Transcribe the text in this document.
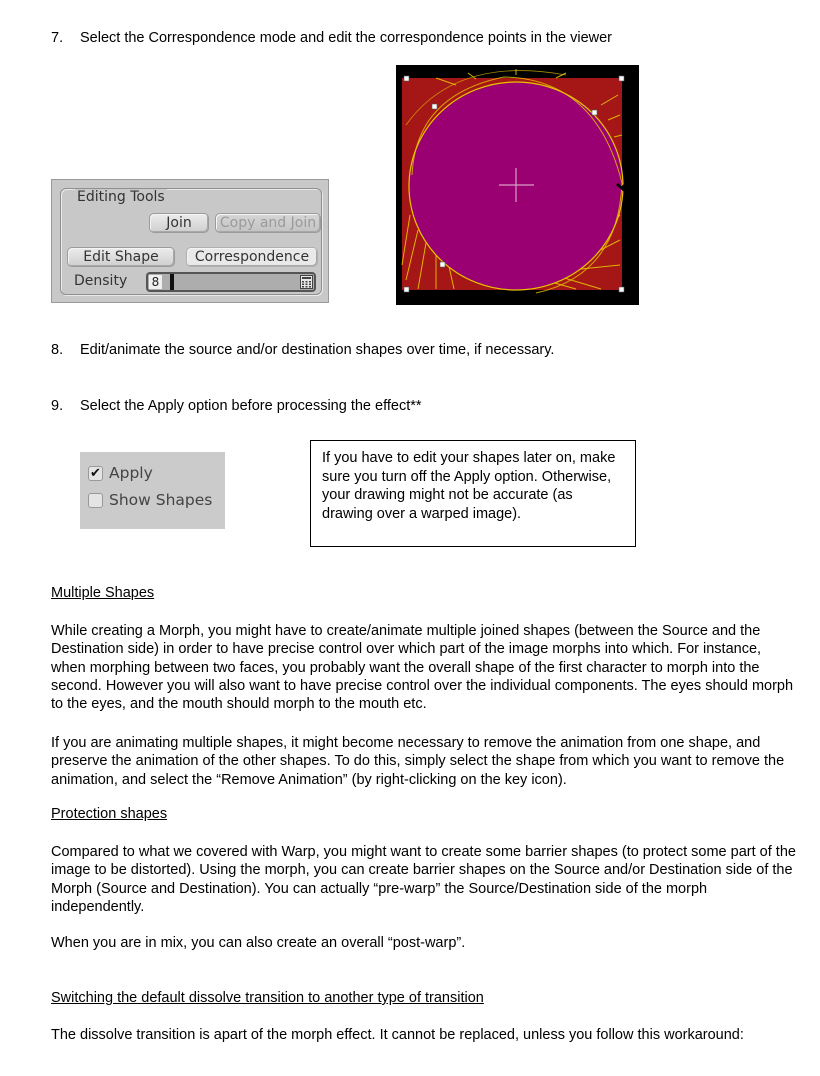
7. Select the Correspondence mode and edit the correspondence points in the viewer
Editing Tools
Join	Copy and Join
Edit Shape	Correspondence
Density 8
8. Edit/animate the source and/or destination shapes over time, if necessary.
9. Select the Apply option before processing the effect**
✔ Apply
Show Shapes
If you have to edit your shapes later on, make sure you turn off the Apply option. Otherwise, your drawing might not be accurate (as drawing over a warped image).
Multiple Shapes
While creating a Morph, you might have to create/animate multiple joined shapes (between the Source and the Destination side) in order to have precise control over which part of the image morphs into which. For instance, when morphing between two faces, you probably want the overall shape of the first character to morph into the second. However you will also want to have precise control over the individual components. The eyes should morph to the eyes, and the mouth should morph to the mouth etc.
If you are animating multiple shapes, it might become necessary to remove the animation from one shape, and preserve the animation of the other shapes. To do this, simply select the shape from which you want to remove the animation, and select the “Remove Animation” (by right-clicking on the key icon).
Protection shapes
Compared to what we covered with Warp, you might want to create some barrier shapes (to protect some part of the image to be distorted). Using the morph, you can create barrier shapes on the Source and/or Destination side of the Morph (Source and Destination). You can actually “pre-warp” the Source/Destination side of the morph independently.
When you are in mix, you can also create an overall “post-warp”.
Switching the default dissolve transition to another type of transition
The dissolve transition is apart of the morph effect. It cannot be replaced, unless you follow this workaround:
